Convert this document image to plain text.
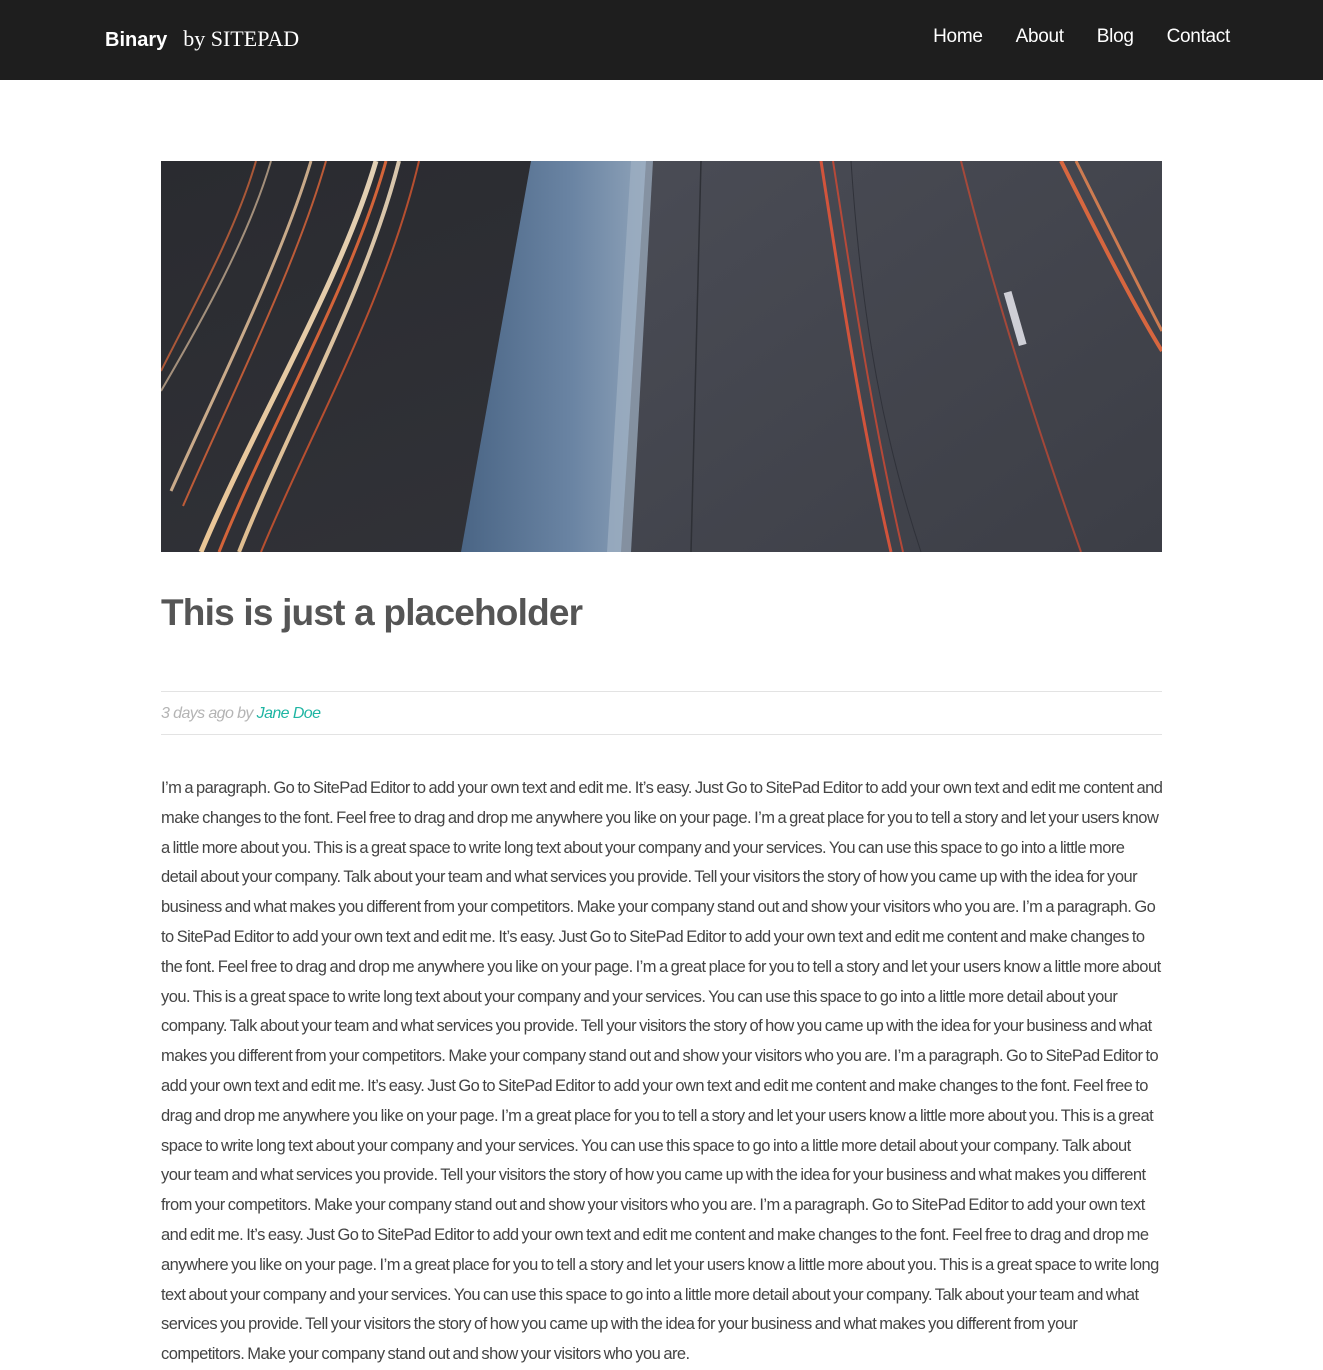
Binary by SITEPAD	Home About Blog Contact
This is just a placeholder
3 days ago by Jane Doe

I’m a paragraph. Go to SitePad Editor to add your own text and edit me. It’s easy. Just Go to SitePad Editor to add your own text and edit me content and make changes to the font. Feel free to drag and drop me anywhere you like on your page. I’m a great place for you to tell a story and let your users know a little more about you. This is a great space to write long text about your company and your services. You can use this space to go into a little more detail about your company. Talk about your team and what services you provide. Tell your visitors the story of how you came up with the idea for your business and what makes you different from your competitors. Make your company stand out and show your visitors who you are. I’m a paragraph. Go to SitePad Editor to add your own text and edit me. It’s easy. Just Go to SitePad Editor to add your own text and edit me content and make changes to the font. Feel free to drag and drop me anywhere you like on your page. I’m a great place for you to tell a story and let your users know a little more about you. This is a great space to write long text about your company and your services. You can use this space to go into a little more detail about your company. Talk about your team and what services you provide. Tell your visitors the story of how you came up with the idea for your business and what makes you different from your competitors. Make your company stand out and show your visitors who you are. I’m a paragraph. Go to SitePad Editor to add your own text and edit me. It’s easy. Just Go to SitePad Editor to add your own text and edit me content and make changes to the font. Feel free to drag and drop me anywhere you like on your page. I’m a great place for you to tell a story and let your users know a little more about you. This is a great space to write long text about your company and your services. You can use this space to go into a little more detail about your company. Talk about your team and what services you provide. Tell your visitors the story of how you came up with the idea for your business and what makes you different from your competitors. Make your company stand out and show your visitors who you are. I’m a paragraph. Go to SitePad Editor to add your own text and edit me. It’s easy. Just Go to SitePad Editor to add your own text and edit me content and make changes to the font. Feel free to drag and drop me anywhere you like on your page. I’m a great place for you to tell a story and let your users know a little more about you. This is a great space to write long text about your company and your services. You can use this space to go into a little more detail about your company. Talk about your team and what services you provide. Tell your visitors the story of how you came up with the idea for your business and what makes you different from your competitors. Make your company stand out and show your visitors who you are.
